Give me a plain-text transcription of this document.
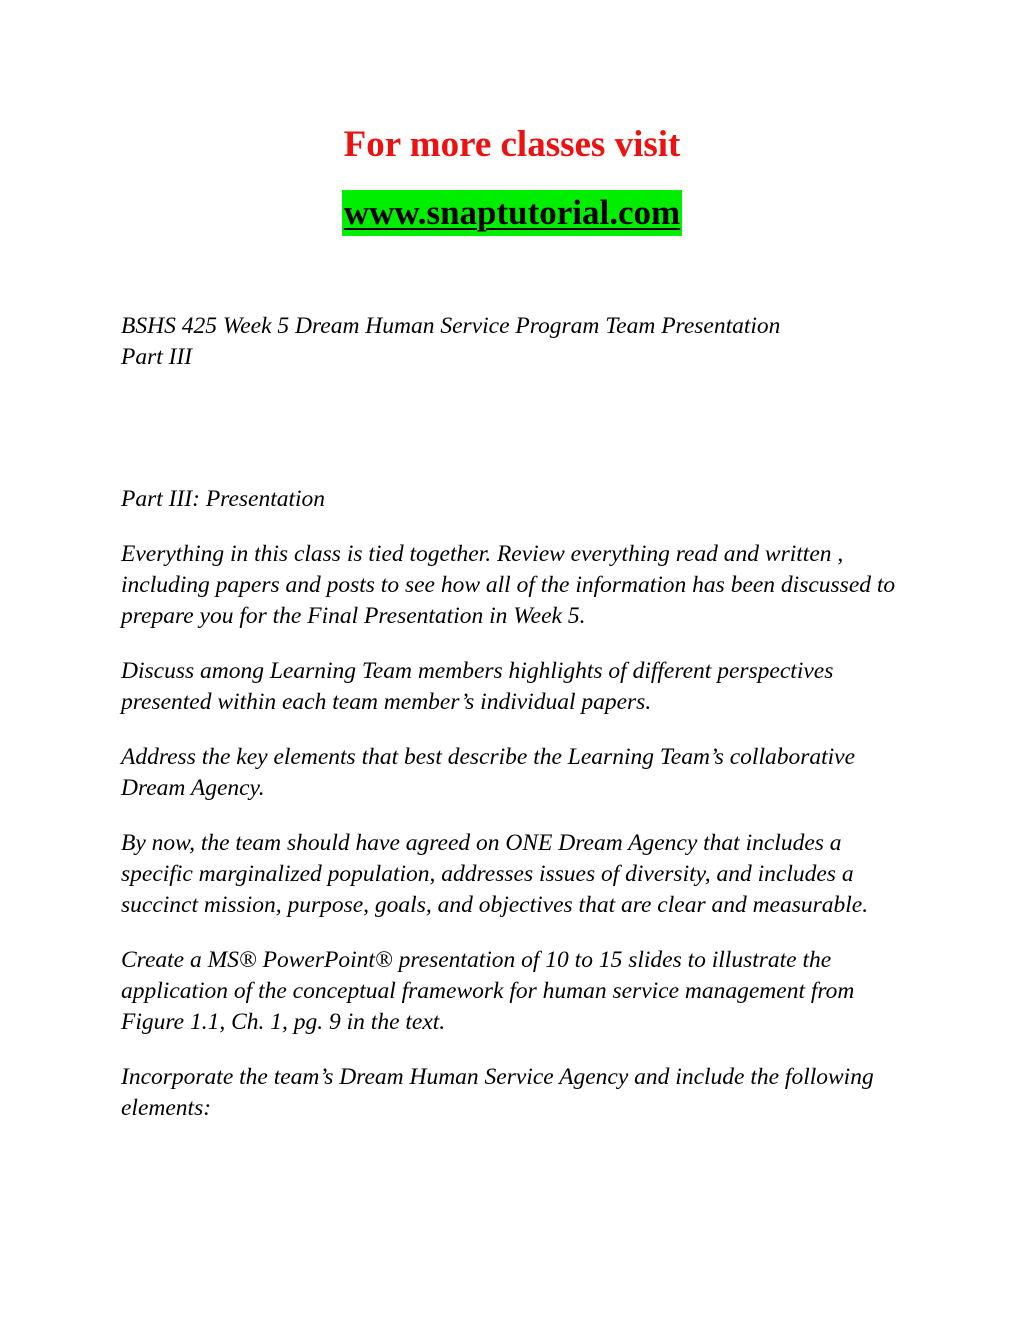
For more classes visit
www.snaptutorial.com

BSHS 425 Week 5 Dream Human Service Program Team Presentation
Part III

Part III: Presentation

Everything in this class is tied together. Review everything read and written , including papers and posts to see how all of the information has been discussed to prepare you for the Final Presentation in Week 5.

Discuss among Learning Team members highlights of different perspectives presented within each team member’s individual papers.

Address the key elements that best describe the Learning Team’s collaborative Dream Agency.

By now, the team should have agreed on ONE Dream Agency that includes a specific marginalized population, addresses issues of diversity, and includes a succinct mission, purpose, goals, and objectives that are clear and measurable.

Create a MS® PowerPoint® presentation of 10 to 15 slides to illustrate the application of the conceptual framework for human service management from Figure 1.1, Ch. 1, pg. 9 in the text.

Incorporate the team’s Dream Human Service Agency and include the following elements:
